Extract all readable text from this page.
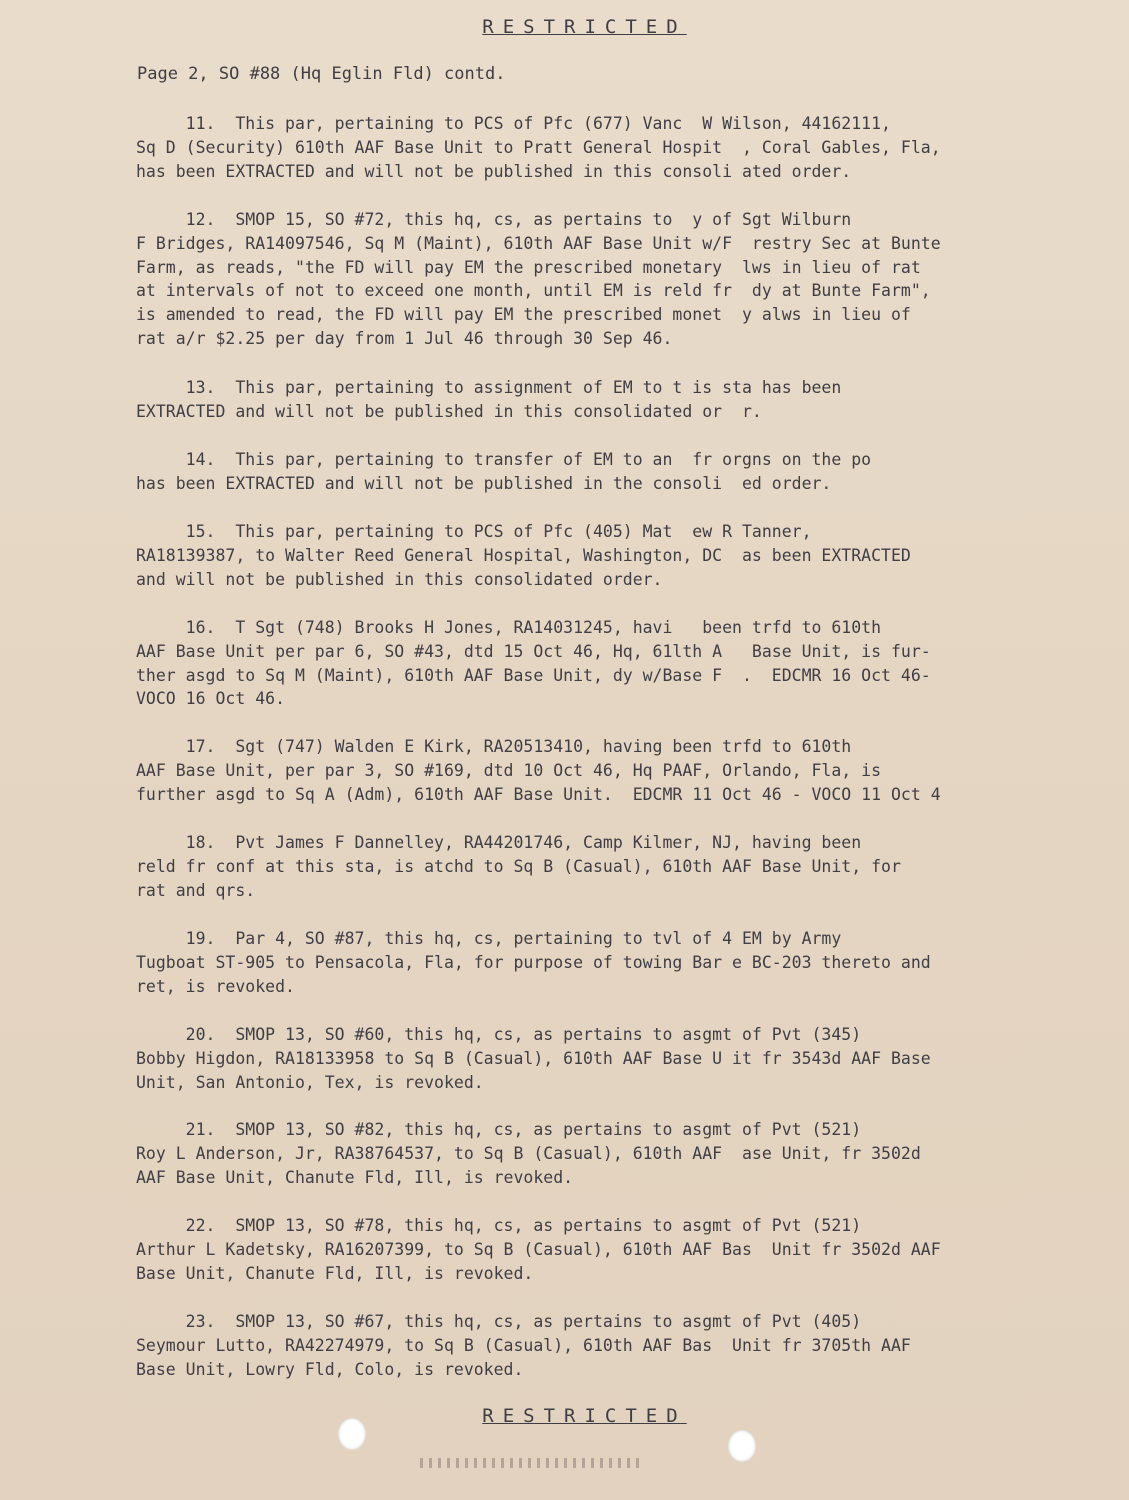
RESTRICTED
Page 2, SO #88 (Hq Eglin Fld) contd.
11.  This par, pertaining to PCS of Pfc (677) Vanc  W Wilson, 44162111,
Sq D (Security) 610th AAF Base Unit to Pratt General Hospit  , Coral Gables, Fla,
has been EXTRACTED and will not be published in this consoli ated order.
12.  SMOP 15, SO #72, this hq, cs, as pertains to  y of Sgt Wilburn
F Bridges, RA14097546, Sq M (Maint), 610th AAF Base Unit w/F  restry Sec at Bunte
Farm, as reads, "the FD will pay EM the prescribed monetary  lws in lieu of rat
at intervals of not to exceed one month, until EM is reld fr  dy at Bunte Farm",
is amended to read, the FD will pay EM the prescribed monet  y alws in lieu of
rat a/r $2.25 per day from 1 Jul 46 through 30 Sep 46.
13.  This par, pertaining to assignment of EM to t is sta has been
EXTRACTED and will not be published in this consolidated or  r.
14.  This par, pertaining to transfer of EM to an  fr orgns on the po
has been EXTRACTED and will not be published in the consoli  ed order.
15.  This par, pertaining to PCS of Pfc (405) Mat  ew R Tanner,
RA18139387, to Walter Reed General Hospital, Washington, DC  as been EXTRACTED
and will not be published in this consolidated order.
16.  T Sgt (748) Brooks H Jones, RA14031245, havi   been trfd to 610th
AAF Base Unit per par 6, SO #43, dtd 15 Oct 46, Hq, 61lth A   Base Unit, is fur-
ther asgd to Sq M (Maint), 610th AAF Base Unit, dy w/Base F  .  EDCMR 16 Oct 46-
VOCO 16 Oct 46.
17.  Sgt (747) Walden E Kirk, RA20513410, having been trfd to 610th
AAF Base Unit, per par 3, SO #169, dtd 10 Oct 46, Hq PAAF, Orlando, Fla, is
further asgd to Sq A (Adm), 610th AAF Base Unit.  EDCMR 11 Oct 46 - VOCO 11 Oct 4
18.  Pvt James F Dannelley, RA44201746, Camp Kilmer, NJ, having been
reld fr conf at this sta, is atchd to Sq B (Casual), 610th AAF Base Unit, for
rat and qrs.
19.  Par 4, SO #87, this hq, cs, pertaining to tvl of 4 EM by Army
Tugboat ST-905 to Pensacola, Fla, for purpose of towing Bar e BC-203 thereto and
ret, is revoked.
20.  SMOP 13, SO #60, this hq, cs, as pertains to asgmt of Pvt (345)
Bobby Higdon, RA18133958 to Sq B (Casual), 610th AAF Base U it fr 3543d AAF Base
Unit, San Antonio, Tex, is revoked.
21.  SMOP 13, SO #82, this hq, cs, as pertains to asgmt of Pvt (521)
Roy L Anderson, Jr, RA38764537, to Sq B (Casual), 610th AAF  ase Unit, fr 3502d
AAF Base Unit, Chanute Fld, Ill, is revoked.
22.  SMOP 13, SO #78, this hq, cs, as pertains to asgmt of Pvt (521)
Arthur L Kadetsky, RA16207399, to Sq B (Casual), 610th AAF Bas  Unit fr 3502d AAF
Base Unit, Chanute Fld, Ill, is revoked.
23.  SMOP 13, SO #67, this hq, cs, as pertains to asgmt of Pvt (405)
Seymour Lutto, RA42274979, to Sq B (Casual), 610th AAF Bas  Unit fr 3705th AAF
Base Unit, Lowry Fld, Colo, is revoked.
RESTRICTED
